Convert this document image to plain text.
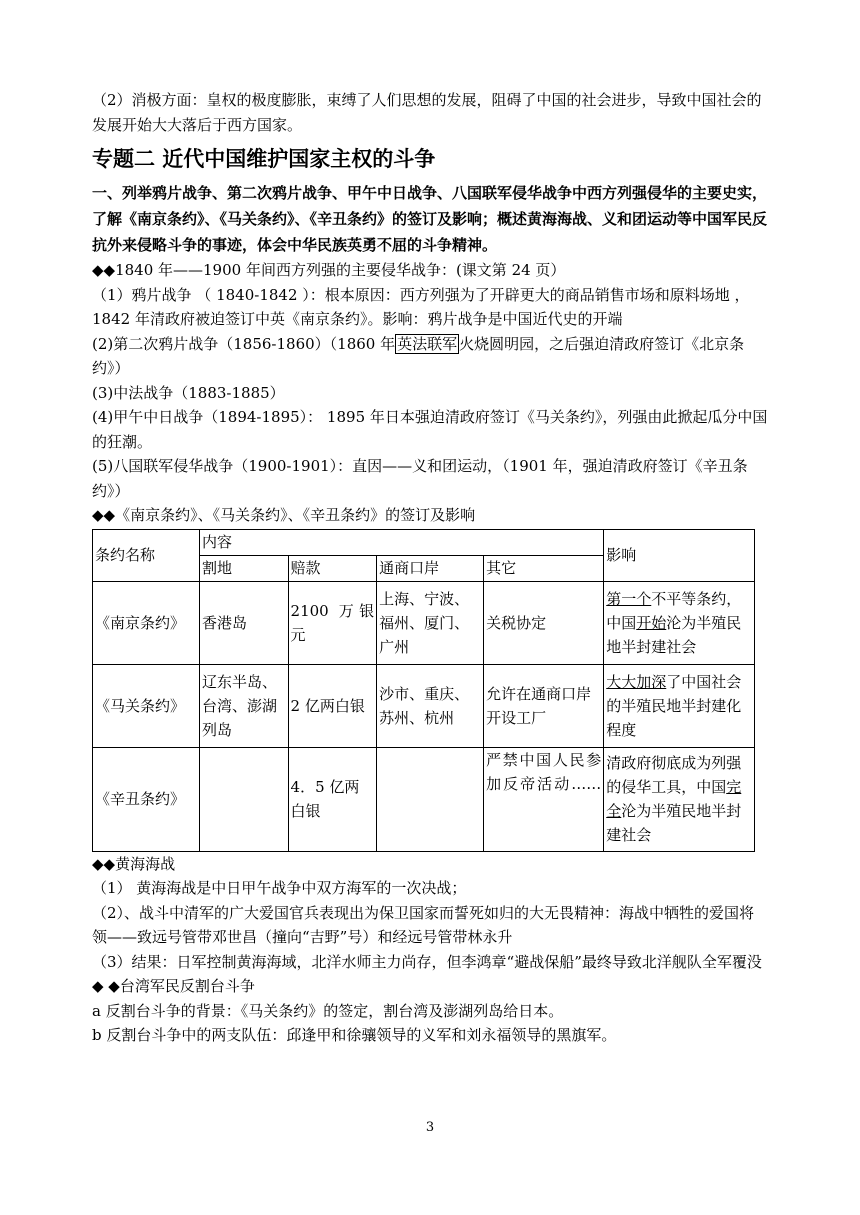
（2）消极方面：皇权的极度膨胀，束缚了人们思想的发展，阻碍了中国的社会进步，导致中国社会的发展开始大大落后于西方国家。

专题二 近代中国维护国家主权的斗争

一、列举鸦片战争、第二次鸦片战争、甲午中日战争、八国联军侵华战争中西方列强侵华的主要史实，了解《南京条约》、《马关条约》、《辛丑条约》的签订及影响；概述黄海海战、义和团运动等中国军民反抗外来侵略斗争的事迹，体会中华民族英勇不屈的斗争精神。

◆◆1840 年——1900 年间西方列强的主要侵华战争：(课文第 24 页）

（1）鸦片战争 （ 1840-1842 ）：根本原因：西方列强为了开辟更大的商品销售市场和原料场地 ，1842 年清政府被迫签订中英《南京条约》。影响：鸦片战争是中国近代史的开端

(2)第二次鸦片战争（1856-1860）（1860 年 英法联军 火烧圆明园，之后强迫清政府签订《北京条约》）

(3)中法战争（1883-1885）

(4)甲午中日战争（1894-1895）： 1895 年日本强迫清政府签订《马关条约》，列强由此掀起瓜分中国的狂潮。

(5)八国联军侵华战争（1900-1901）：直因——义和团运动，（1901 年，强迫清政府签订《辛丑条约》）

◆◆《南京条约》、《马关条约》、《辛丑条约》的签订及影响

条约名称	内容				影响
	割地	赔款	通商口岸	其它	
《南京条约》	香港岛	2100 万银元	上海、宁波、福州、厦门、广州	关税协定	第一个不平等条约，中国开始沦为半殖民地半封建社会
《马关条约》	辽东半岛、台湾、澎湖列岛	2 亿两白银	沙市、重庆、苏州、杭州	允许在通商口岸开设工厂	大大加深了中国社会的半殖民地半封建化程度
《辛丑条约》		4．5 亿两白银		严禁中国人民参加反帝活动……	清政府彻底成为列强的侵华工具，中国完全沦为半殖民地半封建社会

◆◆黄海海战

（1） 黄海海战是中日甲午战争中双方海军的一次决战；

（2）、战斗中清军的广大爱国官兵表现出为保卫国家而誓死如归的大无畏精神：海战中牺牲的爱国将领——致远号管带邓世昌（撞向“吉野”号）和经远号管带林永升

（3）结果：日军控制黄海海域，北洋水师主力尚存，但李鸿章“避战保船”最终导致北洋舰队全军覆没

◆ ◆台湾军民反割台斗争

a 反割台斗争的背景：《马关条约》的签定，割台湾及澎湖列岛给日本。

b 反割台斗争中的两支队伍：邱逢甲和徐骧领导的义军和刘永福领导的黑旗军。

3
